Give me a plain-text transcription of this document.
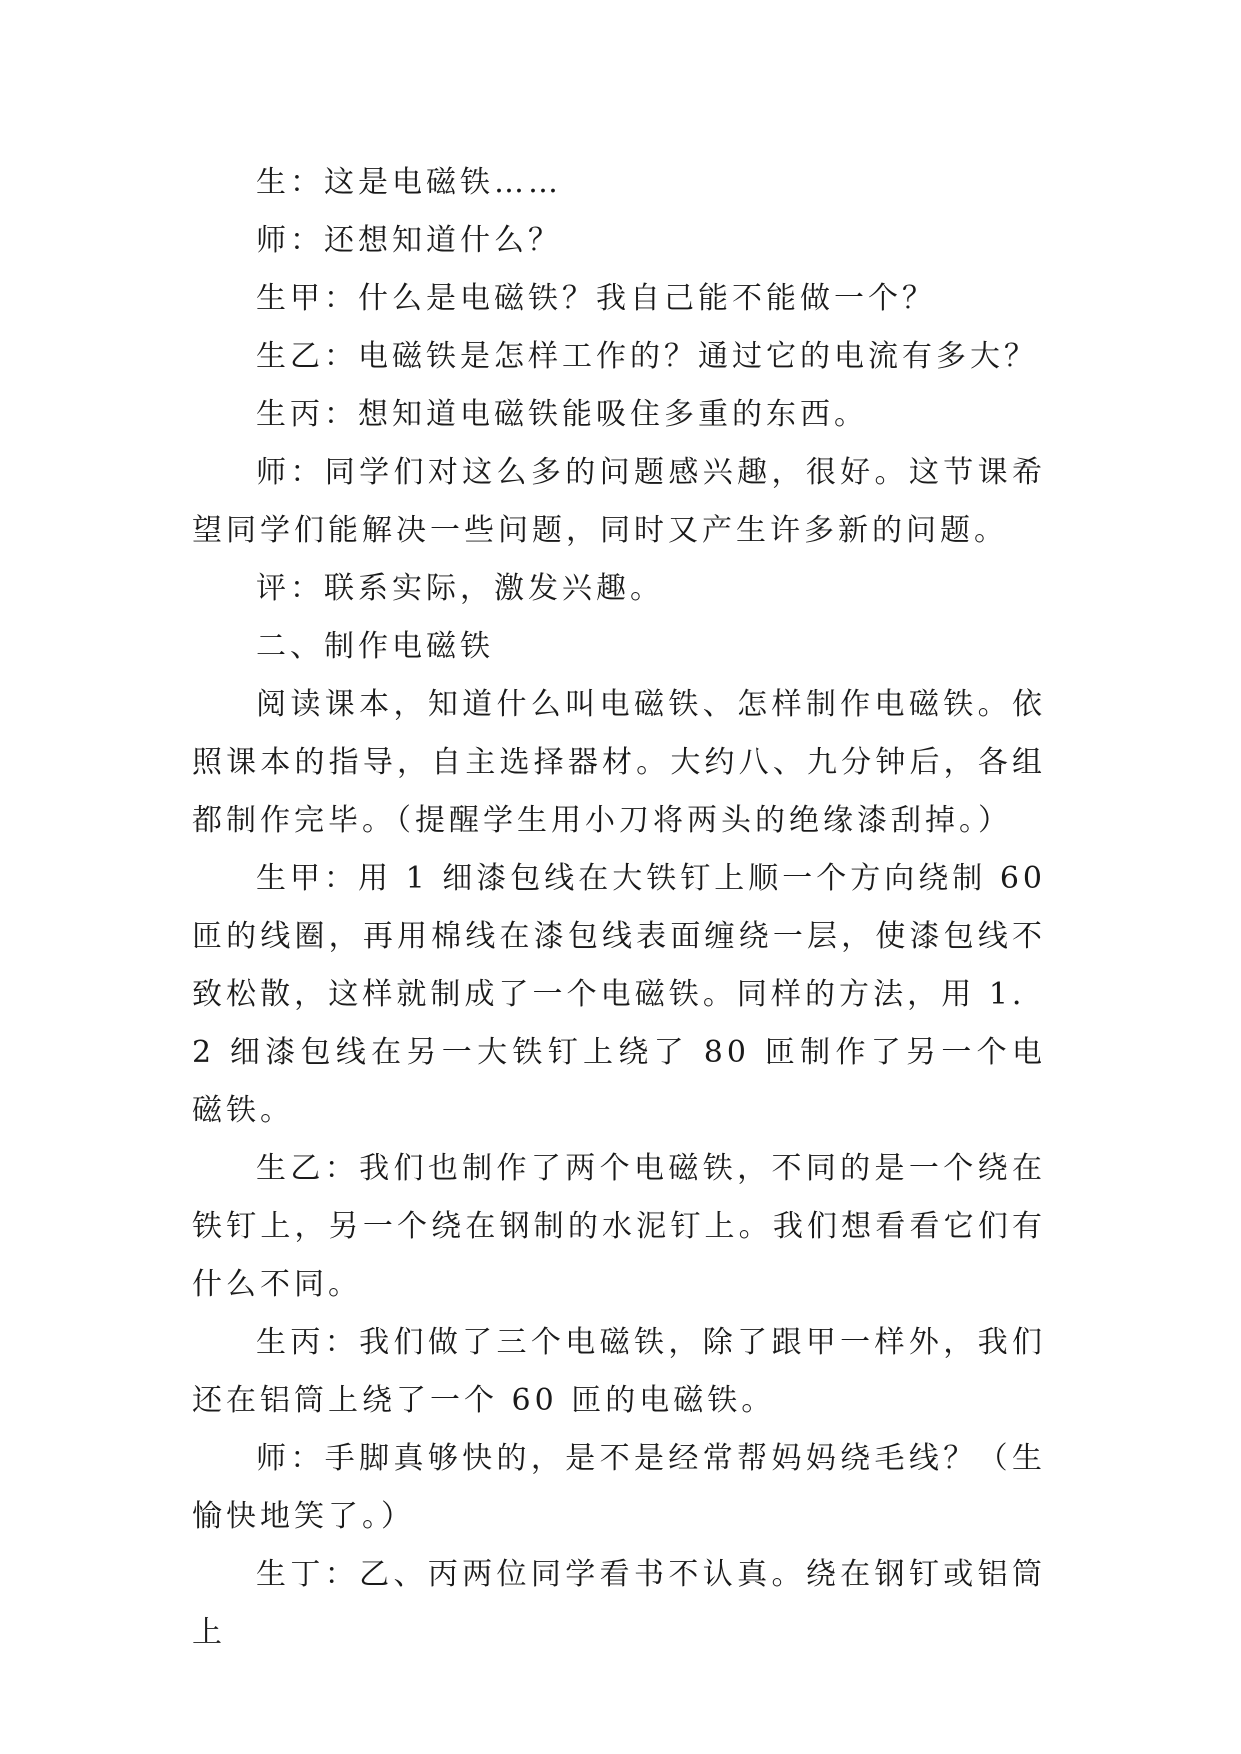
生：这是电磁铁……

师：还想知道什么？

生甲：什么是电磁铁？我自己能不能做一个？

生乙：电磁铁是怎样工作的？通过它的电流有多大？

生丙：想知道电磁铁能吸住多重的东西。

师：同学们对这么多的问题感兴趣，很好。这节课希望同学们能解决一些问题，同时又产生许多新的问题。

评：联系实际，激发兴趣。

二、制作电磁铁

阅读课本，知道什么叫电磁铁、怎样制作电磁铁。依照课本的指导，自主选择器材。大约八、九分钟后，各组都制作完毕。（提醒学生用小刀将两头的绝缘漆刮掉。）

生甲：用 1 细漆包线在大铁钉上顺一个方向绕制 60 匝的线圈，再用棉线在漆包线表面缠绕一层，使漆包线不致松散，这样就制成了一个电磁铁。同样的方法，用 1．2 细漆包线在另一大铁钉上绕了 80 匝制作了另一个电磁铁。

生乙：我们也制作了两个电磁铁，不同的是一个绕在铁钉上，另一个绕在钢制的水泥钉上。我们想看看它们有什么不同。

生丙：我们做了三个电磁铁，除了跟甲一样外，我们还在铝筒上绕了一个 60 匝的电磁铁。

师：手脚真够快的，是不是经常帮妈妈绕毛线？（生愉快地笑了。）

生丁：乙、丙两位同学看书不认真。绕在钢钉或铝筒上
